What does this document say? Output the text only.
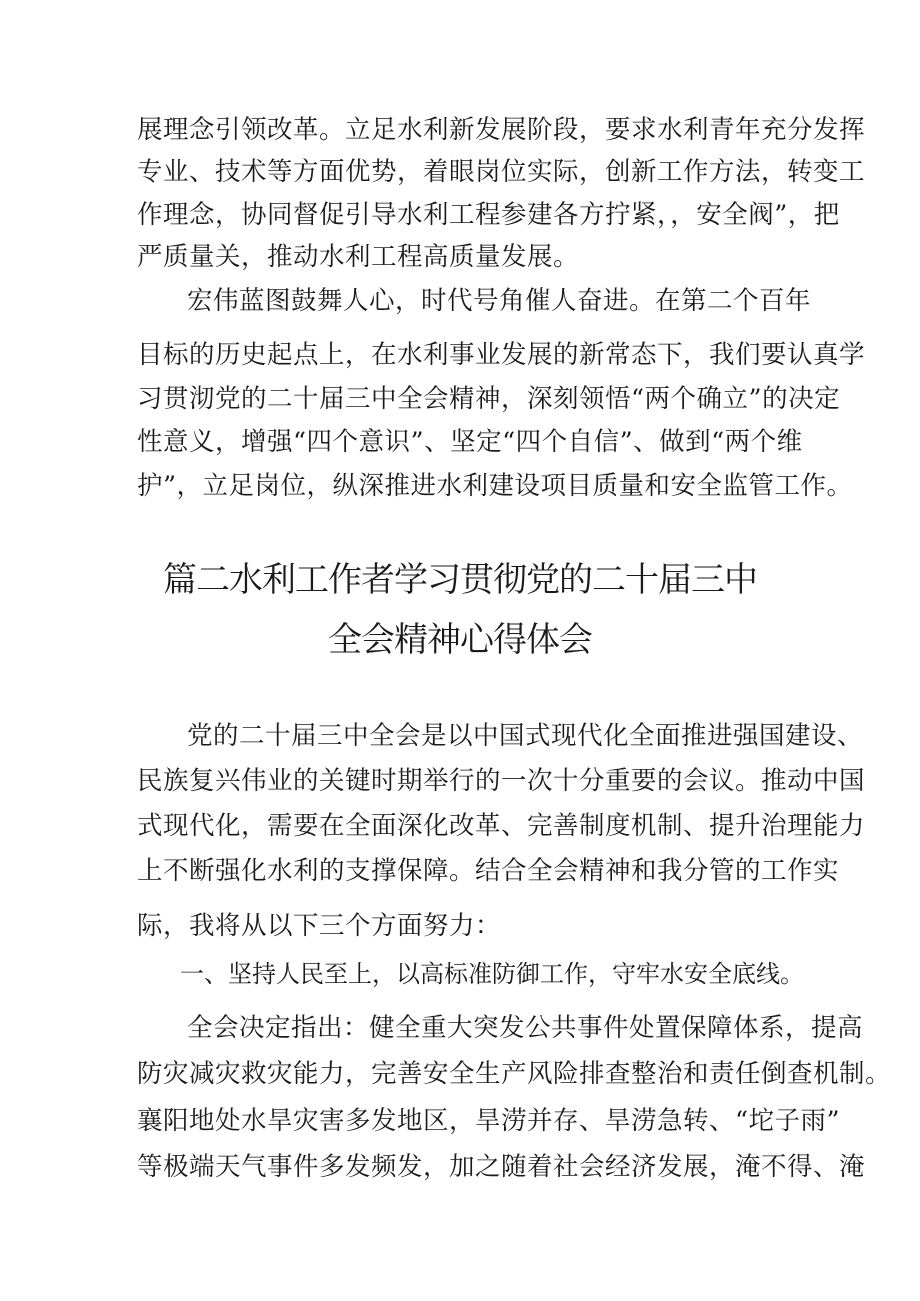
展理念引领改革。立足水利新发展阶段，要求水利青年充分发挥
专业、技术等方面优势，着眼岗位实际，创新工作方法，转变工
作理念，协同督促引导水利工程参建各方拧紧，，安全阀”，把
严质量关，推动水利工程高质量发展。
宏伟蓝图鼓舞人心，时代号角催人奋进。在第二个百年
目标的历史起点上，在水利事业发展的新常态下，我们要认真学
习贯沏党的二十届三中全会精神，深刻领悟“两个确立”的决定
性意义，增强“四个意识”、坚定“四个自信”、做到“两个维
护”，立足岗位，纵深推进水利建设项目质量和安全监管工作。
篇二水利工作者学习贯彻党的二十届三中
全会精神心得体会
党的二十届三中全会是以中国式现代化全面推进强国建设、
民族复兴伟业的关键时期举行的一次十分重要的会议。推动中国
式现代化，需要在全面深化改革、完善制度机制、提升治理能力
上不断强化水利的支撑保障。结合全会精神和我分管的工作实
际，我将从以下三个方面努力：
一、坚持人民至上，以高标准防御工作，守牢水安全底线。
全会决定指出：健全重大突发公共事件处置保障体系，提高
防灾减灾救灾能力，完善安全生产风险排查整治和责任倒查机制。
襄阳地处水旱灾害多发地区，旱涝并存、旱涝急转、“坨子雨”
等极端天气事件多发频发，加之随着社会经济发展，淹不得、淹
